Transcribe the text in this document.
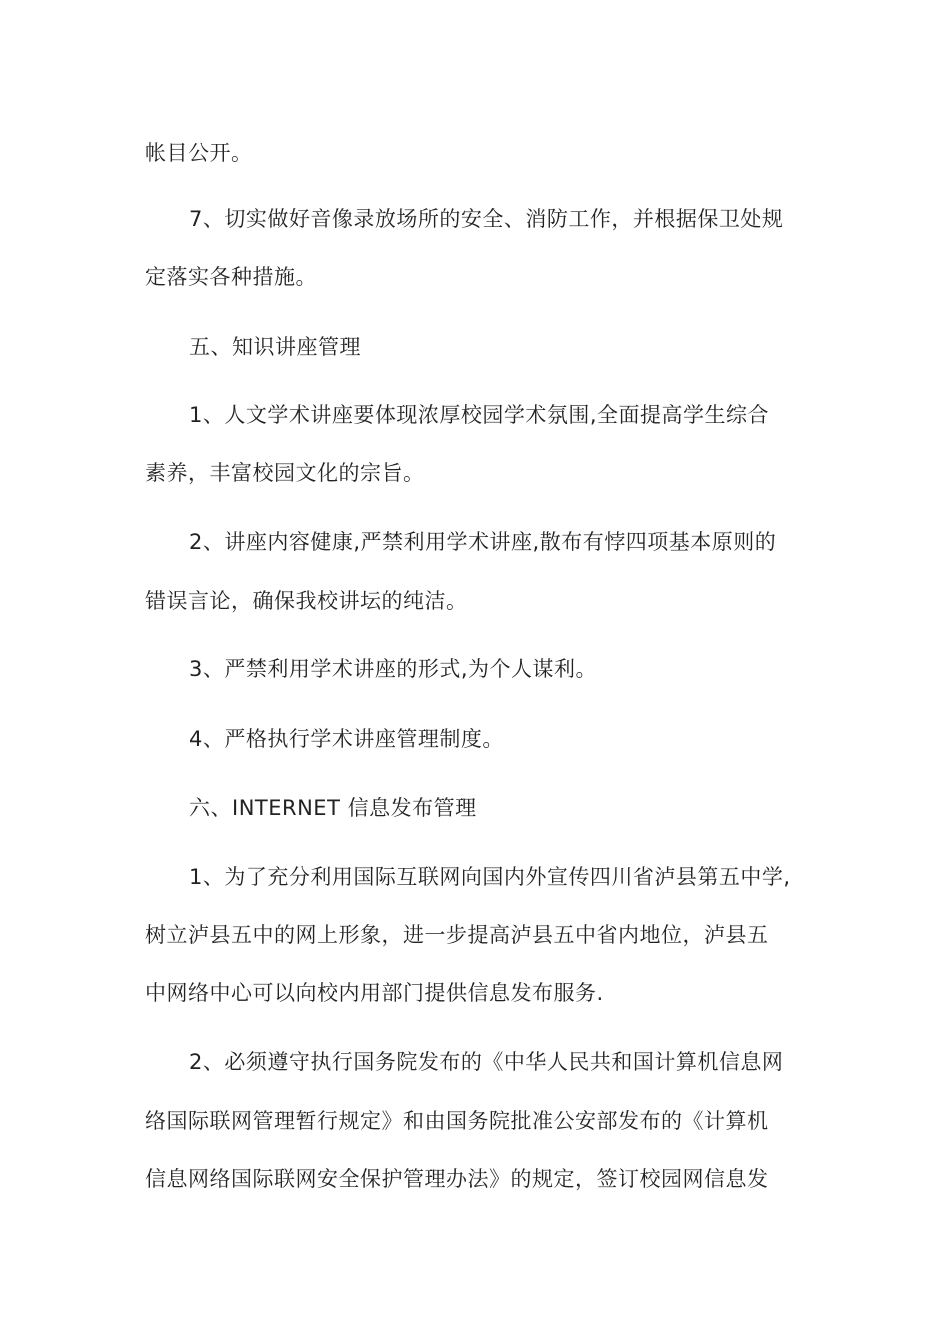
帐目公开。
7、切实做好音像录放场所的安全、消防工作，并根据保卫处规
定落实各种措施。
五、知识讲座管理
1、人文学术讲座要体现浓厚校园学术氛围,全面提高学生综合
素养，丰富校园文化的宗旨。
2、讲座内容健康,严禁利用学术讲座,散布有悖四项基本原则的
错误言论，确保我校讲坛的纯洁。
3、严禁利用学术讲座的形式,为个人谋利。
4、严格执行学术讲座管理制度。
六、INTERNET 信息发布管理
1、为了充分利用国际互联网向国内外宣传四川省泸县第五中学,
树立泸县五中的网上形象，进一步提高泸县五中省内地位，泸县五
中网络中心可以向校内用部门提供信息发布服务.
2、必须遵守执行国务院发布的《中华人民共和国计算机信息网
络国际联网管理暂行规定》和由国务院批准公安部发布的《计算机
信息网络国际联网安全保护管理办法》的规定，签订校园网信息发
